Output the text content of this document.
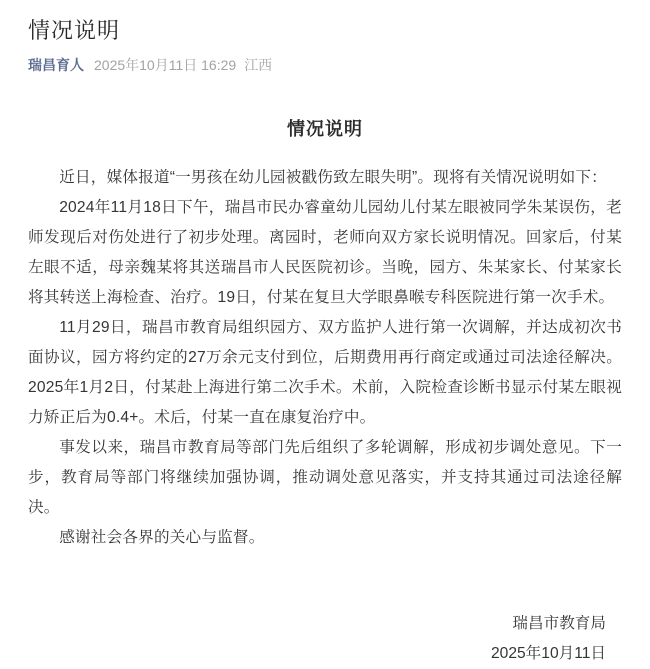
情况说明
瑞昌育人 2025年10月11日 16:29 江西
情况说明

近日，媒体报道“一男孩在幼儿园被戳伤致左眼失明”。现将有关情况说明如下：

2024年11月18日下午，瑞昌市民办睿童幼儿园幼儿付某左眼被同学朱某误伤，老师发现后对伤处进行了初步处理。离园时，老师向双方家长说明情况。回家后，付某左眼不适，母亲魏某将其送瑞昌市人民医院初诊。当晚，园方、朱某家长、付某家长将其转送上海检查、治疗。19日，付某在复旦大学眼鼻喉专科医院进行第一次手术。

11月29日，瑞昌市教育局组织园方、双方监护人进行第一次调解，并达成初次书面协议，园方将约定的27万余元支付到位，后期费用再行商定或通过司法途径解决。2025年1月2日，付某赴上海进行第二次手术。术前，入院检查诊断书显示付某左眼视力矫正后为0.4+。术后，付某一直在康复治疗中。

事发以来，瑞昌市教育局等部门先后组织了多轮调解，形成初步调处意见。下一步，教育局等部门将继续加强协调，推动调处意见落实，并支持其通过司法途径解决。

感谢社会各界的关心与监督。

瑞昌市教育局
2025年10月11日
